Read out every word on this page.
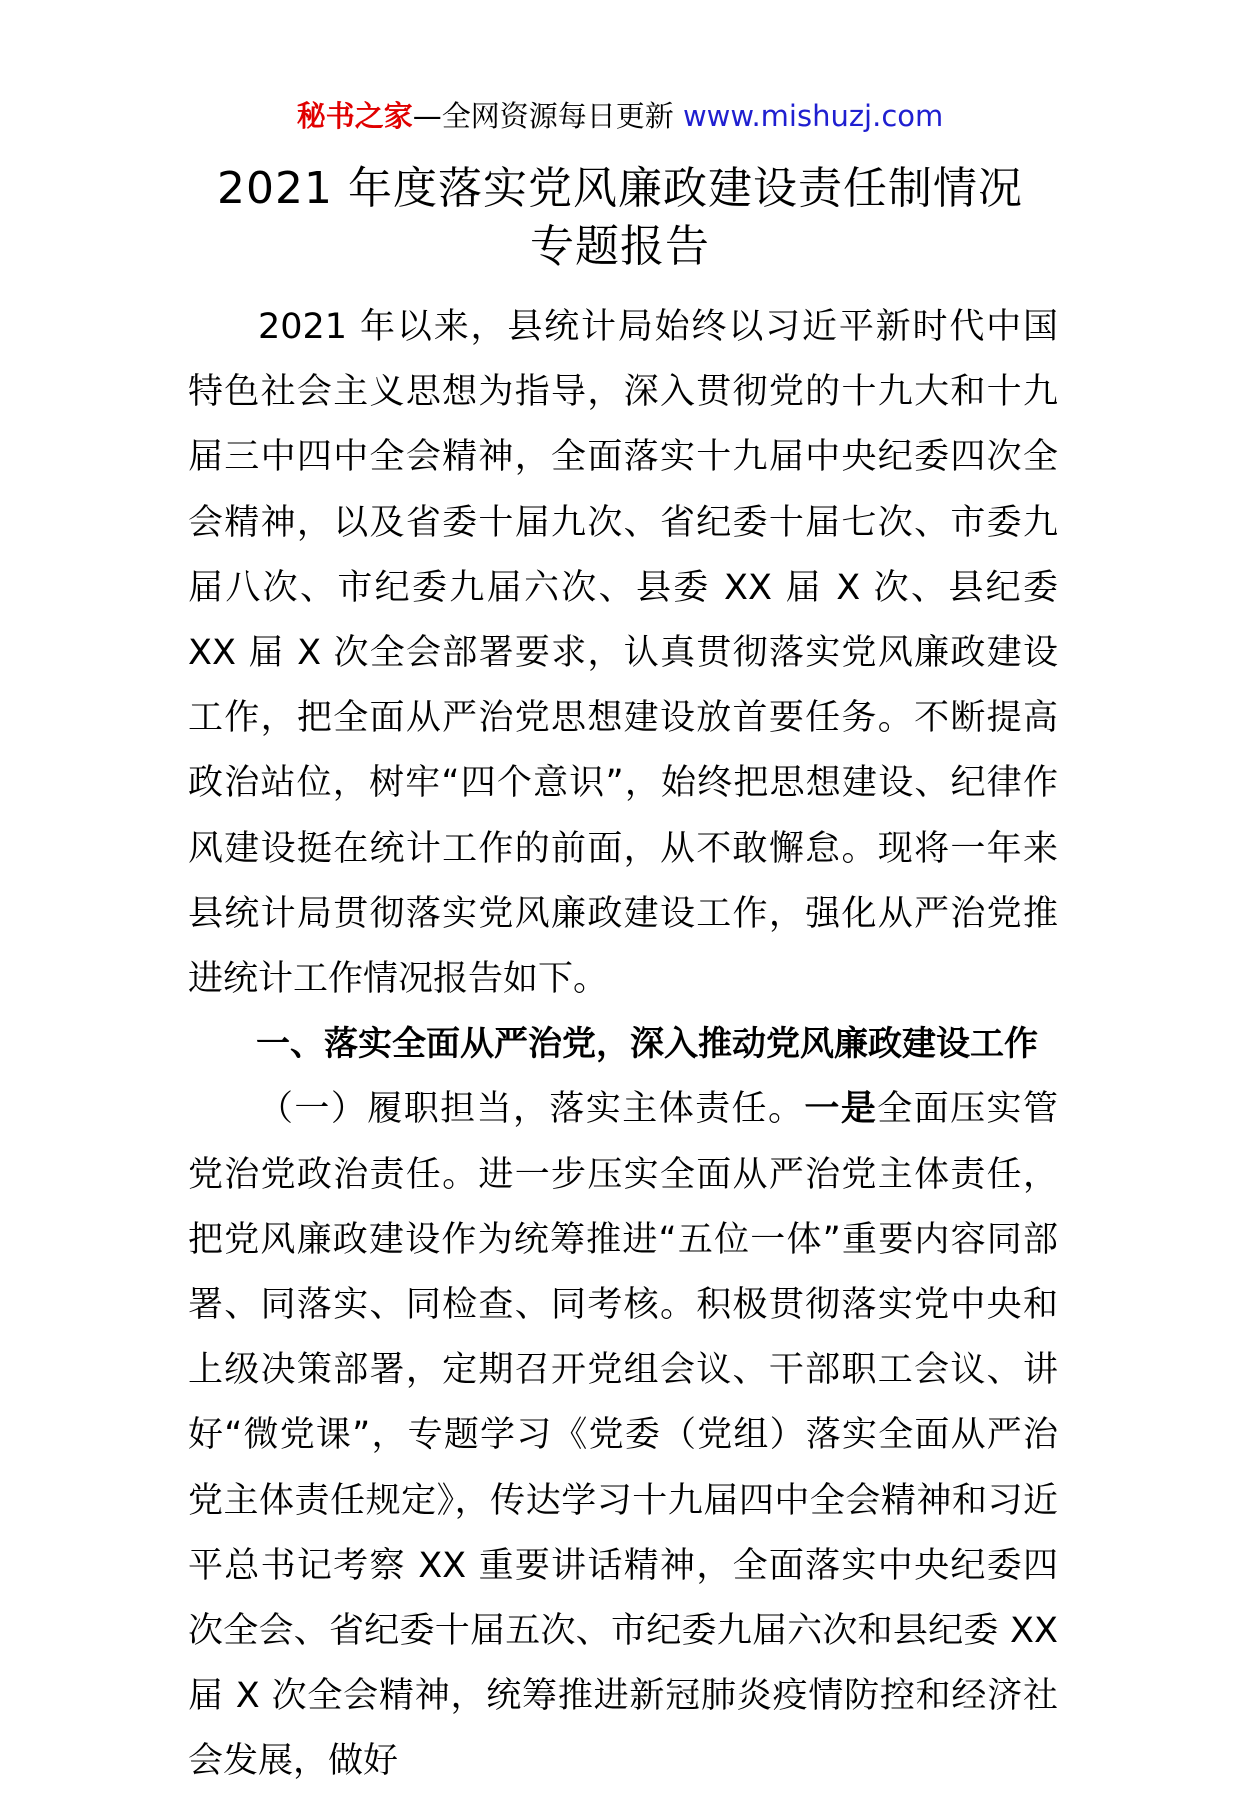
秘书之家—全网资源每日更新 www.mishuzj.com
2021 年度落实党风廉政建设责任制情况
专题报告

2021 年以来，县统计局始终以习近平新时代中国特色社会主义思想为指导，深入贯彻党的十九大和十九届三中四中全会精神，全面落实十九届中央纪委四次全会精神，以及省委十届九次、省纪委十届七次、市委九届八次、市纪委九届六次、县委 XX 届 X 次、县纪委 XX 届 X 次全会部署要求，认真贯彻落实党风廉政建设工作，把全面从严治党思想建设放首要任务。不断提高政治站位，树牢“四个意识”，始终把思想建设、纪律作风建设挺在统计工作的前面，从不敢懈怠。现将一年来县统计局贯彻落实党风廉政建设工作，强化从严治党推进统计工作情况报告如下。

一、落实全面从严治党，深入推动党风廉政建设工作

（一）履职担当，落实主体责任。一是全面压实管党治党政治责任。进一步压实全面从严治党主体责任，把党风廉政建设作为统筹推进“五位一体”重要内容同部署、同落实、同检查、同考核。积极贯彻落实党中央和上级决策部署，定期召开党组会议、干部职工会议、讲好“微党课”，专题学习《党委（党组）落实全面从严治党主体责任规定》，传达学习十九届四中全会精神和习近平总书记考察 XX 重要讲话精神，全面落实中央纪委四次全会、省纪委十届五次、市纪委九届六次和县纪委 XX 届 X 次全会精神，统筹推进新冠肺炎疫情防控和经济社会发展，做好
